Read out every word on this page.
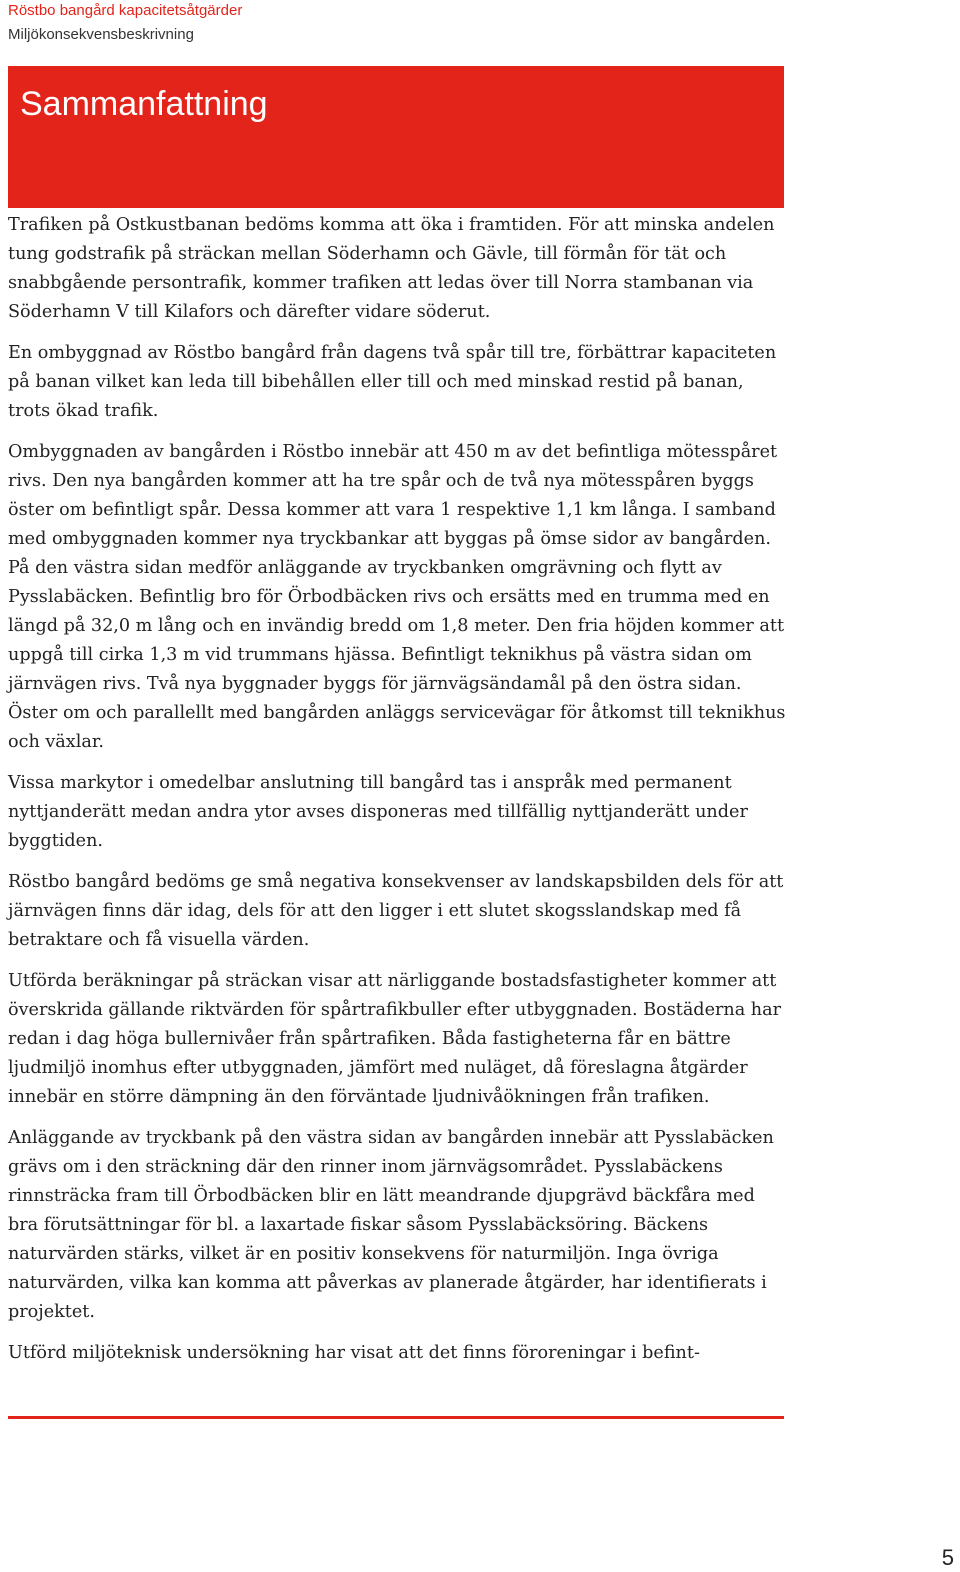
Röstbo bangård kapacitetsåtgärder
Miljökonsekvensbeskrivning
Sammanfattning

Trafiken på Ostkustbanan bedöms komma att öka i framtiden. För att minska andelen tung godstrafik på sträckan mellan Söderhamn och Gävle, till förmån för tät och snabbgående persontrafik, kommer trafiken att ledas över till Norra stambanan via Söderhamn V till Kilafors och därefter vidare söderut.

En ombyggnad av Röstbo bangård från dagens två spår till tre, förbättrar kapaciteten på banan vilket kan leda till bibehållen eller till och med minskad restid på banan, trots ökad trafik.

Ombyggnaden av bangården i Röstbo innebär att 450 m av det befintliga mötesspåret rivs. Den nya bangården kommer att ha tre spår och de två nya mötesspåren byggs öster om befintligt spår. Dessa kommer att vara 1 respektive 1,1 km långa. I samband med ombyggnaden kommer nya tryckbankar att byggas på ömse sidor av bangården. På den västra sidan medför anläggande av tryckbanken omgrävning och flytt av Pysslabäcken. Befintlig bro för Örbodbäcken rivs och ersätts med en trumma med en längd på 32,0 m lång och en invändig bredd om 1,8 meter. Den fria höjden kommer att uppgå till cirka 1,3 m vid trummans hjässa. Befintligt teknikhus på västra sidan om järnvägen rivs. Två nya byggnader byggs för järnvägsändamål på den östra sidan. Öster om och parallellt med bangården anläggs servicevägar för åtkomst till teknikhus och växlar.

Vissa markytor i omedelbar anslutning till bangård tas i anspråk med permanent nyttjanderätt medan andra ytor avses disponeras med tillfällig nyttjanderätt under byggtiden.

Röstbo bangård bedöms ge små negativa konsekvenser av landskapsbilden dels för att järnvägen finns där idag, dels för att den ligger i ett slutet skogsslandskap med få betraktare och få visuella värden.

Utförda beräkningar på sträckan visar att närliggande bostadsfastigheter kommer att överskrida gällande riktvärden för spårtrafikbuller efter utbyggnaden. Bostäderna har redan i dag höga bullernivåer från spårtrafiken. Båda fastigheterna får en bättre ljudmiljö inomhus efter utbyggnaden, jämfört med nuläget, då föreslagna åtgärder innebär en större dämpning än den förväntade ljudnivåökningen från trafiken.

Anläggande av tryckbank på den västra sidan av bangården innebär att Pysslabäcken grävs om i den sträckning där den rinner inom järnvägsområdet. Pysslabäckens rinnsträcka fram till Örbodbäcken blir en lätt meandrande djupgrävd bäckfåra med bra förutsättningar för bl. a laxartade fiskar såsom Pysslabäcksöring. Bäckens naturvärden stärks, vilket är en positiv konsekvens för naturmiljön. Inga övriga naturvärden, vilka kan komma att påverkas av planerade åtgärder, har identifierats i projektet.

Utförd miljöteknisk undersökning har visat att det finns föroreningar i befint-

5
